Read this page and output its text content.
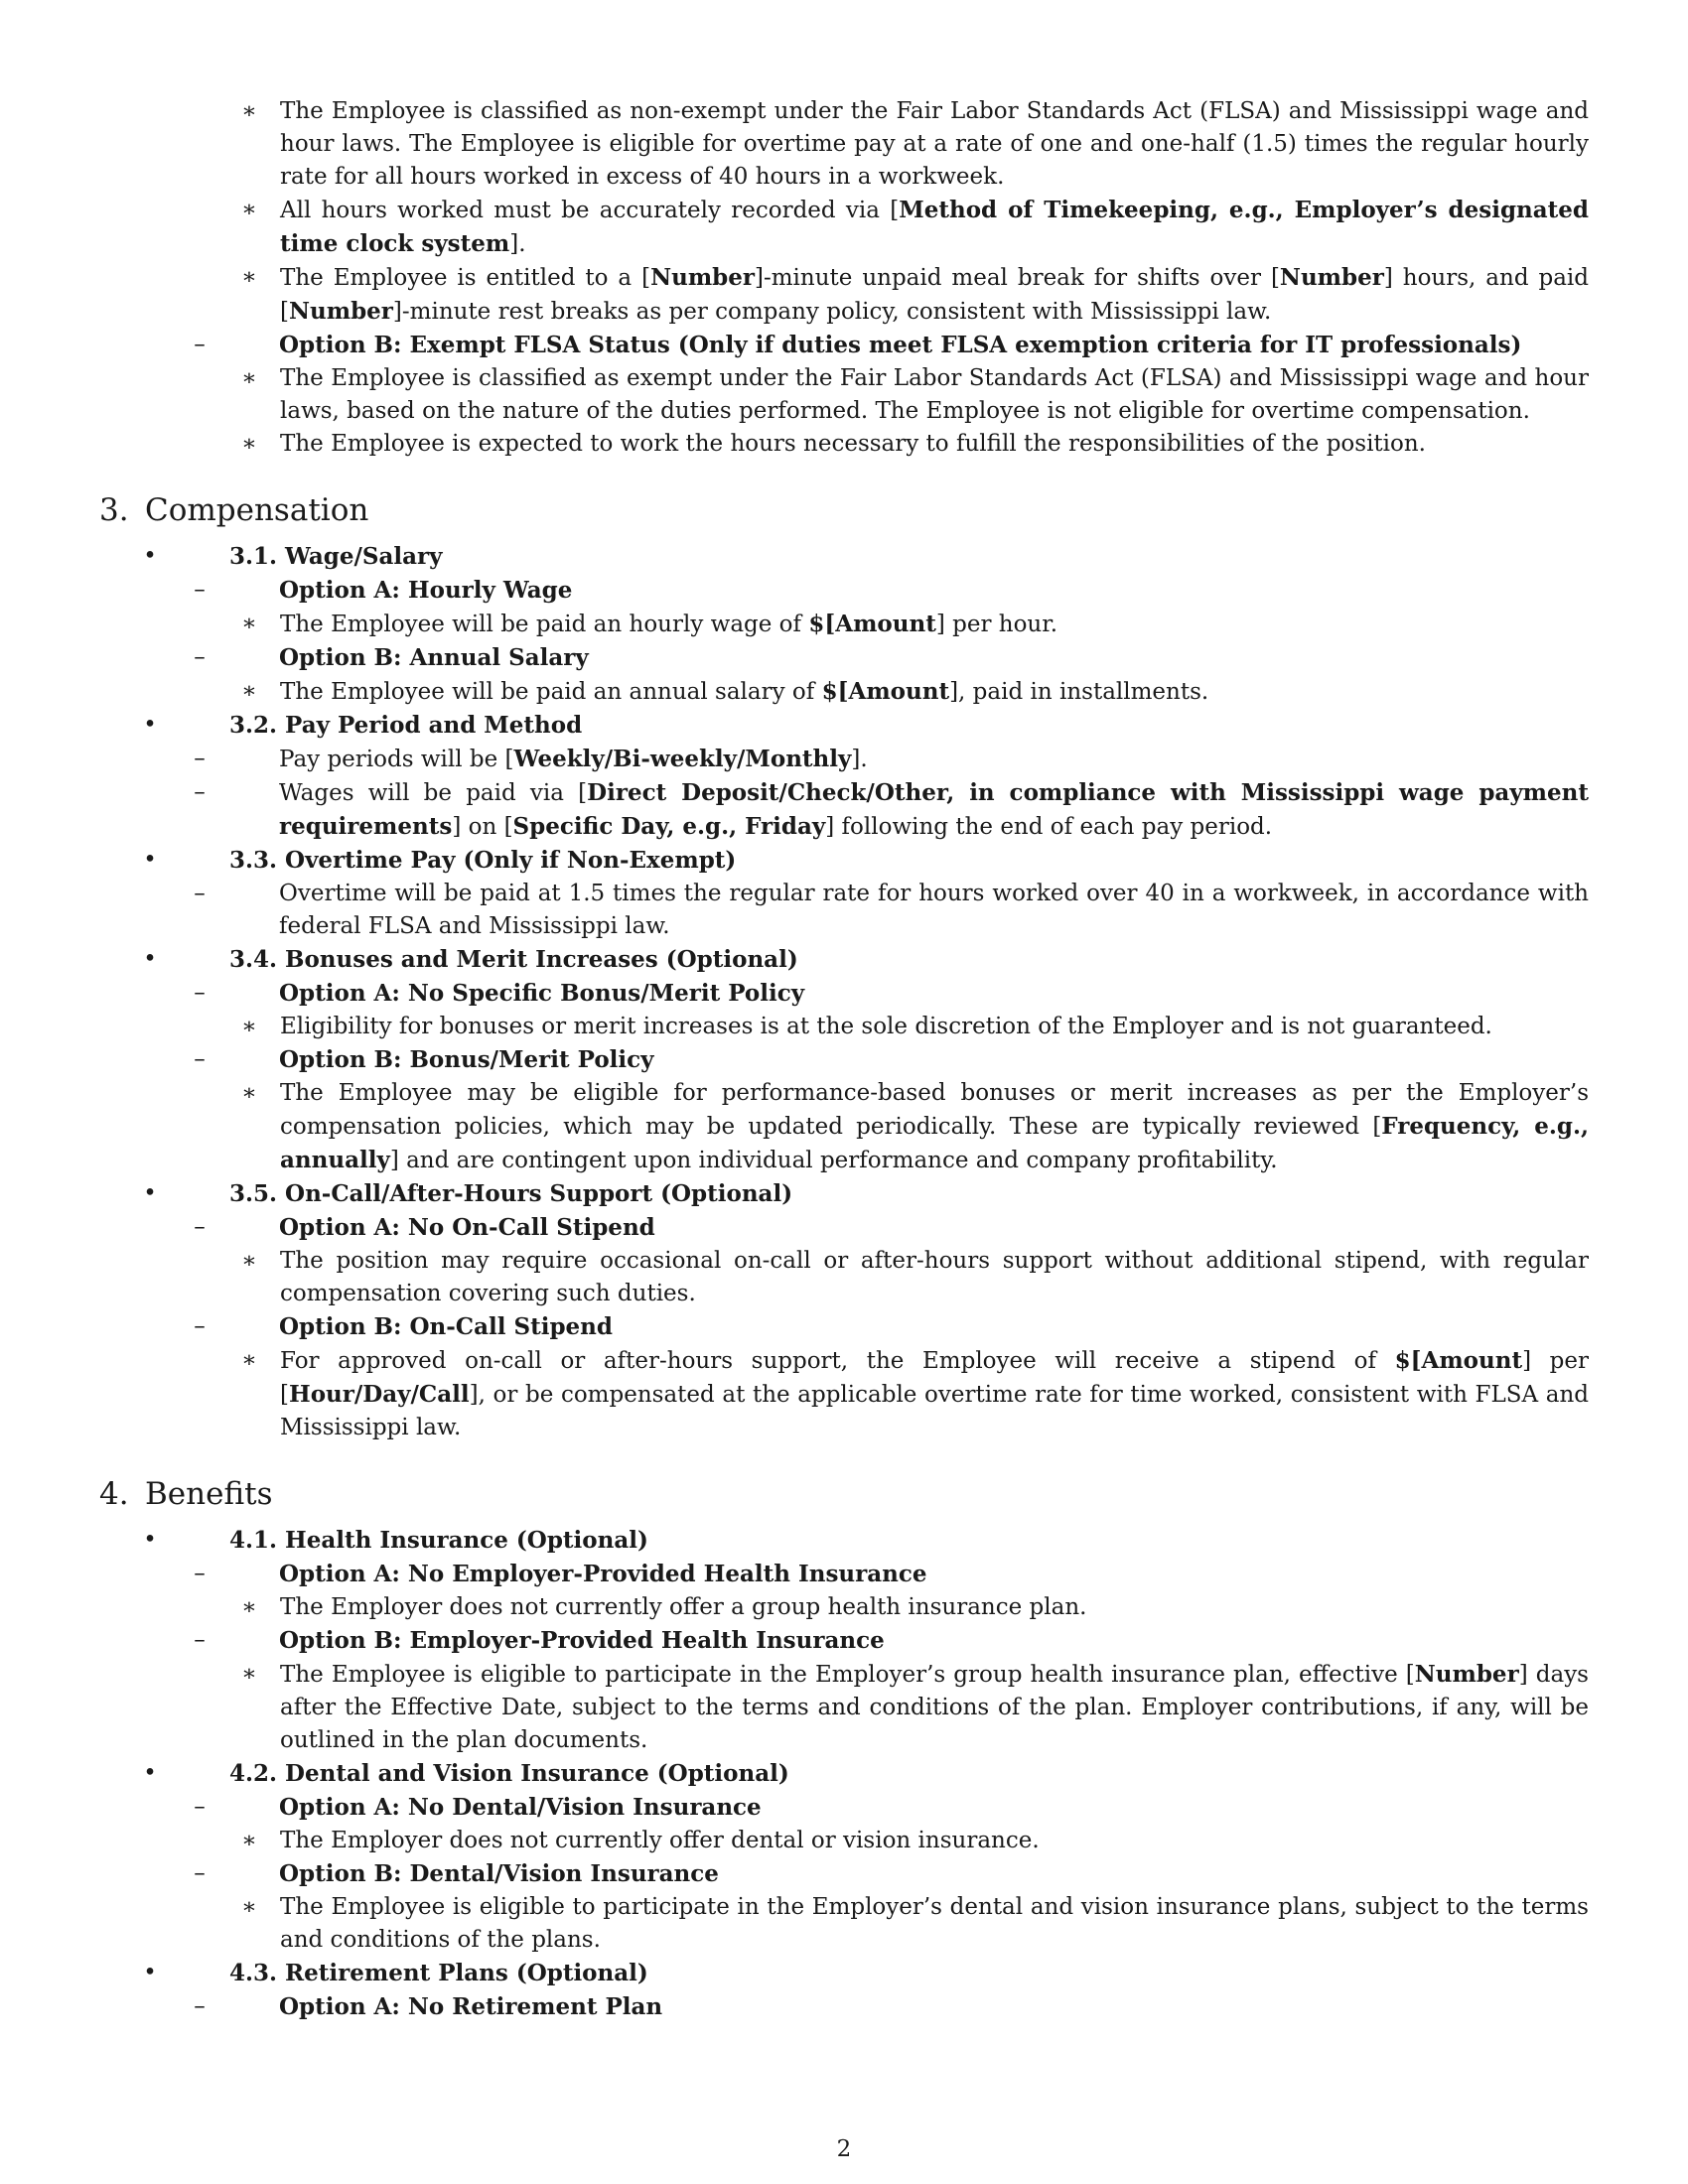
∗	The Employee is classified as non-exempt under the Fair Labor Standards Act (FLSA) and Mississippi wage and hour laws. The Employee is eligible for overtime pay at a rate of one and one-half (1.5) times the regular hourly rate for all hours worked in excess of 40 hours in a workweek.
∗	All hours worked must be accurately recorded via [Method of Timekeeping, e.g., Employer’s designated time clock system].
∗	The Employee is entitled to a [Number]-minute unpaid meal break for shifts over [Number] hours, and paid [Number]-minute rest breaks as per company policy, consistent with Mississippi law.
–	Option B: Exempt FLSA Status (Only if duties meet FLSA exemption criteria for IT professionals)
∗	The Employee is classified as exempt under the Fair Labor Standards Act (FLSA) and Mississippi wage and hour laws, based on the nature of the duties performed. The Employee is not eligible for overtime compensation.
∗	The Employee is expected to work the hours necessary to fulfill the responsibilities of the position.
3. Compensation
•	3.1. Wage/Salary
–	Option A: Hourly Wage
∗	The Employee will be paid an hourly wage of $[Amount] per hour.
–	Option B: Annual Salary
∗	The Employee will be paid an annual salary of $[Amount], paid in installments.
•	3.2. Pay Period and Method
–	Pay periods will be [Weekly/Bi-weekly/Monthly].
–	Wages will be paid via [Direct Deposit/Check/Other, in compliance with Mississippi wage payment requirements] on [Specific Day, e.g., Friday] following the end of each pay period.
•	3.3. Overtime Pay (Only if Non-Exempt)
–	Overtime will be paid at 1.5 times the regular rate for hours worked over 40 in a workweek, in accordance with federal FLSA and Mississippi law.
•	3.4. Bonuses and Merit Increases (Optional)
–	Option A: No Specific Bonus/Merit Policy
∗	Eligibility for bonuses or merit increases is at the sole discretion of the Employer and is not guaranteed.
–	Option B: Bonus/Merit Policy
∗	The Employee may be eligible for performance-based bonuses or merit increases as per the Employer’s compensation policies, which may be updated periodically. These are typically reviewed [Frequency, e.g., annually] and are contingent upon individual performance and company profitability.
•	3.5. On-Call/After-Hours Support (Optional)
–	Option A: No On-Call Stipend
∗	The position may require occasional on-call or after-hours support without additional stipend, with regular compensation covering such duties.
–	Option B: On-Call Stipend
∗	For approved on-call or after-hours support, the Employee will receive a stipend of $[Amount] per [Hour/Day/Call], or be compensated at the applicable overtime rate for time worked, consistent with FLSA and Mississippi law.
4. Benefits
•	4.1. Health Insurance (Optional)
–	Option A: No Employer-Provided Health Insurance
∗	The Employer does not currently offer a group health insurance plan.
–	Option B: Employer-Provided Health Insurance
∗	The Employee is eligible to participate in the Employer’s group health insurance plan, effective [Number] days after the Effective Date, subject to the terms and conditions of the plan. Employer contributions, if any, will be outlined in the plan documents.
•	4.2. Dental and Vision Insurance (Optional)
–	Option A: No Dental/Vision Insurance
∗	The Employer does not currently offer dental or vision insurance.
–	Option B: Dental/Vision Insurance
∗	The Employee is eligible to participate in the Employer’s dental and vision insurance plans, subject to the terms and conditions of the plans.
•	4.3. Retirement Plans (Optional)
–	Option A: No Retirement Plan
2
